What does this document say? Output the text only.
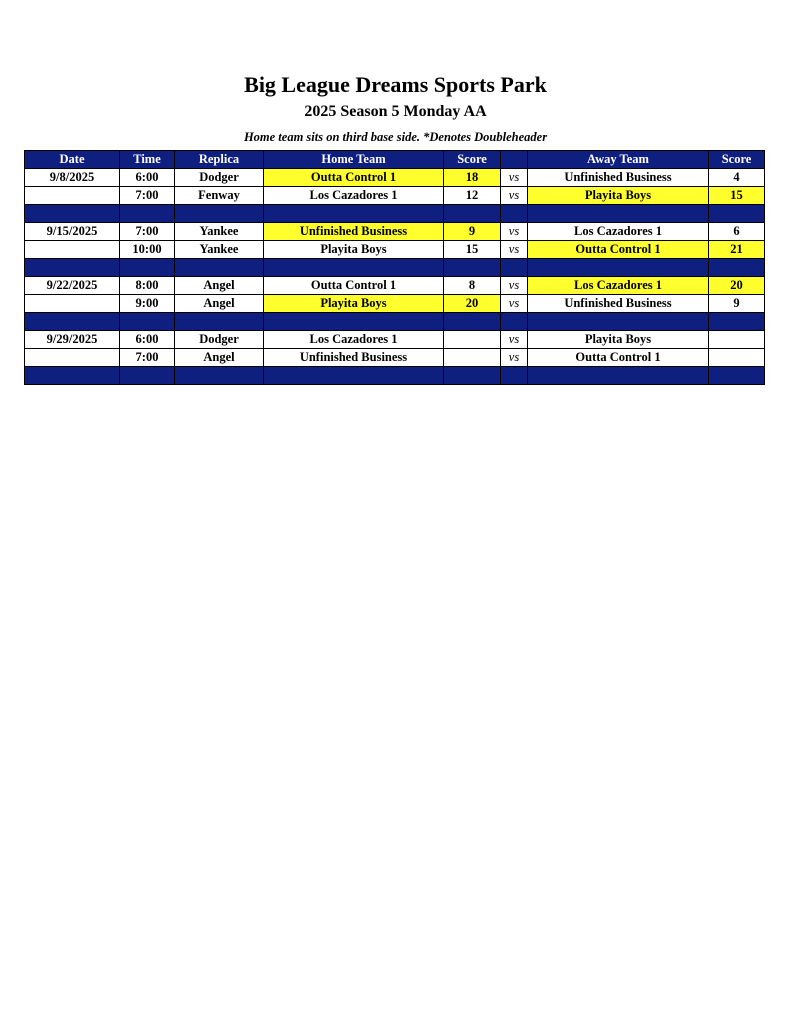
Big League Dreams Sports Park
2025 Season 5 Monday AA
Home team sits on third base side. *Denotes Doubleheader
Date	Time	Replica	Home Team	Score		Away Team	Score
9/8/2025	6:00	Dodger	Outta Control 1	18	vs	Unfinished Business	4
	7:00	Fenway	Los Cazadores 1	12	vs	Playita Boys	15

9/15/2025	7:00	Yankee	Unfinished Business	9	vs	Los Cazadores 1	6
	10:00	Yankee	Playita Boys	15	vs	Outta Control 1	21

9/22/2025	8:00	Angel	Outta Control 1	8	vs	Los Cazadores 1	20
	9:00	Angel	Playita Boys	20	vs	Unfinished Business	9

9/29/2025	6:00	Dodger	Los Cazadores 1		vs	Playita Boys	
	7:00	Angel	Unfinished Business		vs	Outta Control 1	
